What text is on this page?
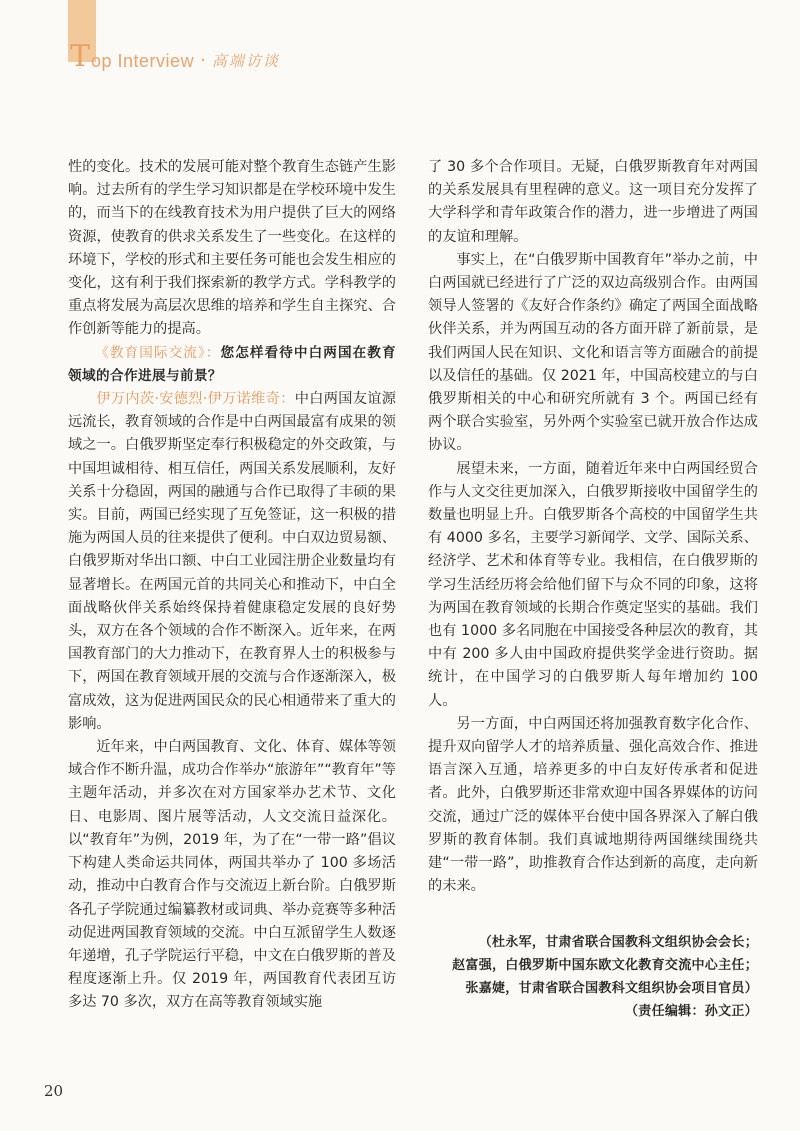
T op Interview · 高端访谈

性的变化。技术的发展可能对整个教育生态链产生影响。过去所有的学生学习知识都是在学校环境中发生的，而当下的在线教育技术为用户提供了巨大的网络资源，使教育的供求关系发生了一些变化。在这样的环境下，学校的形式和主要任务可能也会发生相应的变化，这有利于我们探索新的教学方式。学科教学的重点将发展为高层次思维的培养和学生自主探究、合作创新等能力的提高。

《教育国际交流》：您怎样看待中白两国在教育领域的合作进展与前景？

伊万内茨·安德烈·伊万诺维奇：中白两国友谊源远流长，教育领域的合作是中白两国最富有成果的领域之一。白俄罗斯坚定奉行积极稳定的外交政策，与中国坦诚相待、相互信任，两国关系发展顺利，友好关系十分稳固，两国的融通与合作已取得了丰硕的果实。目前，两国已经实现了互免签证，这一积极的措施为两国人员的往来提供了便利。中白双边贸易额、白俄罗斯对华出口额、中白工业园注册企业数量均有显著增长。在两国元首的共同关心和推动下，中白全面战略伙伴关系始终保持着健康稳定发展的良好势头，双方在各个领域的合作不断深入。近年来，在两国教育部门的大力推动下，在教育界人士的积极参与下，两国在教育领域开展的交流与合作逐渐深入，极富成效，这为促进两国民众的民心相通带来了重大的影响。

近年来，中白两国教育、文化、体育、媒体等领域合作不断升温，成功合作举办“旅游年”“教育年”等主题年活动，并多次在对方国家举办艺术节、文化日、电影周、图片展等活动，人文交流日益深化。以“教育年”为例，2019 年，为了在“一带一路”倡议下构建人类命运共同体，两国共举办了 100 多场活动，推动中白教育合作与交流迈上新台阶。白俄罗斯各孔子学院通过编纂教材或词典、举办竞赛等多种活动促进两国教育领域的交流。中白互派留学生人数逐年递增，孔子学院运行平稳，中文在白俄罗斯的普及程度逐渐上升。仅 2019 年，两国教育代表团互访多达 70 多次，双方在高等教育领域实施

了 30 多个合作项目。无疑，白俄罗斯教育年对两国的关系发展具有里程碑的意义。这一项目充分发挥了大学科学和青年政策合作的潜力，进一步增进了两国的友谊和理解。

事实上，在“白俄罗斯中国教育年”举办之前，中白两国就已经进行了广泛的双边高级别合作。由两国领导人签署的《友好合作条约》确定了两国全面战略伙伴关系，并为两国互动的各方面开辟了新前景，是我们两国人民在知识、文化和语言等方面融合的前提以及信任的基础。仅 2021 年，中国高校建立的与白俄罗斯相关的中心和研究所就有 3 个。两国已经有两个联合实验室，另外两个实验室已就开放合作达成协议。

展望未来，一方面，随着近年来中白两国经贸合作与人文交往更加深入，白俄罗斯接收中国留学生的数量也明显上升。白俄罗斯各个高校的中国留学生共有 4000 多名，主要学习新闻学、文学、国际关系、经济学、艺术和体育等专业。我相信，在白俄罗斯的学习生活经历将会给他们留下与众不同的印象，这将为两国在教育领域的长期合作奠定坚实的基础。我们也有 1000 多名同胞在中国接受各种层次的教育，其中有 200 多人由中国政府提供奖学金进行资助。据统计，在中国学习的白俄罗斯人每年增加约 100 人。

另一方面，中白两国还将加强教育数字化合作、提升双向留学人才的培养质量、强化高效合作、推进语言深入互通，培养更多的中白友好传承者和促进者。此外，白俄罗斯还非常欢迎中国各界媒体的访问交流，通过广泛的媒体平台使中国各界深入了解白俄罗斯的教育体制。我们真诚地期待两国继续围绕共建“一带一路”，助推教育合作达到新的高度，走向新的未来。

（杜永军，甘肃省联合国教科文组织协会会长；
赵富强，白俄罗斯中国东欧文化教育交流中心主任；
张嘉婕，甘肃省联合国教科文组织协会项目官员）
（责任编辑：孙文正）
20
